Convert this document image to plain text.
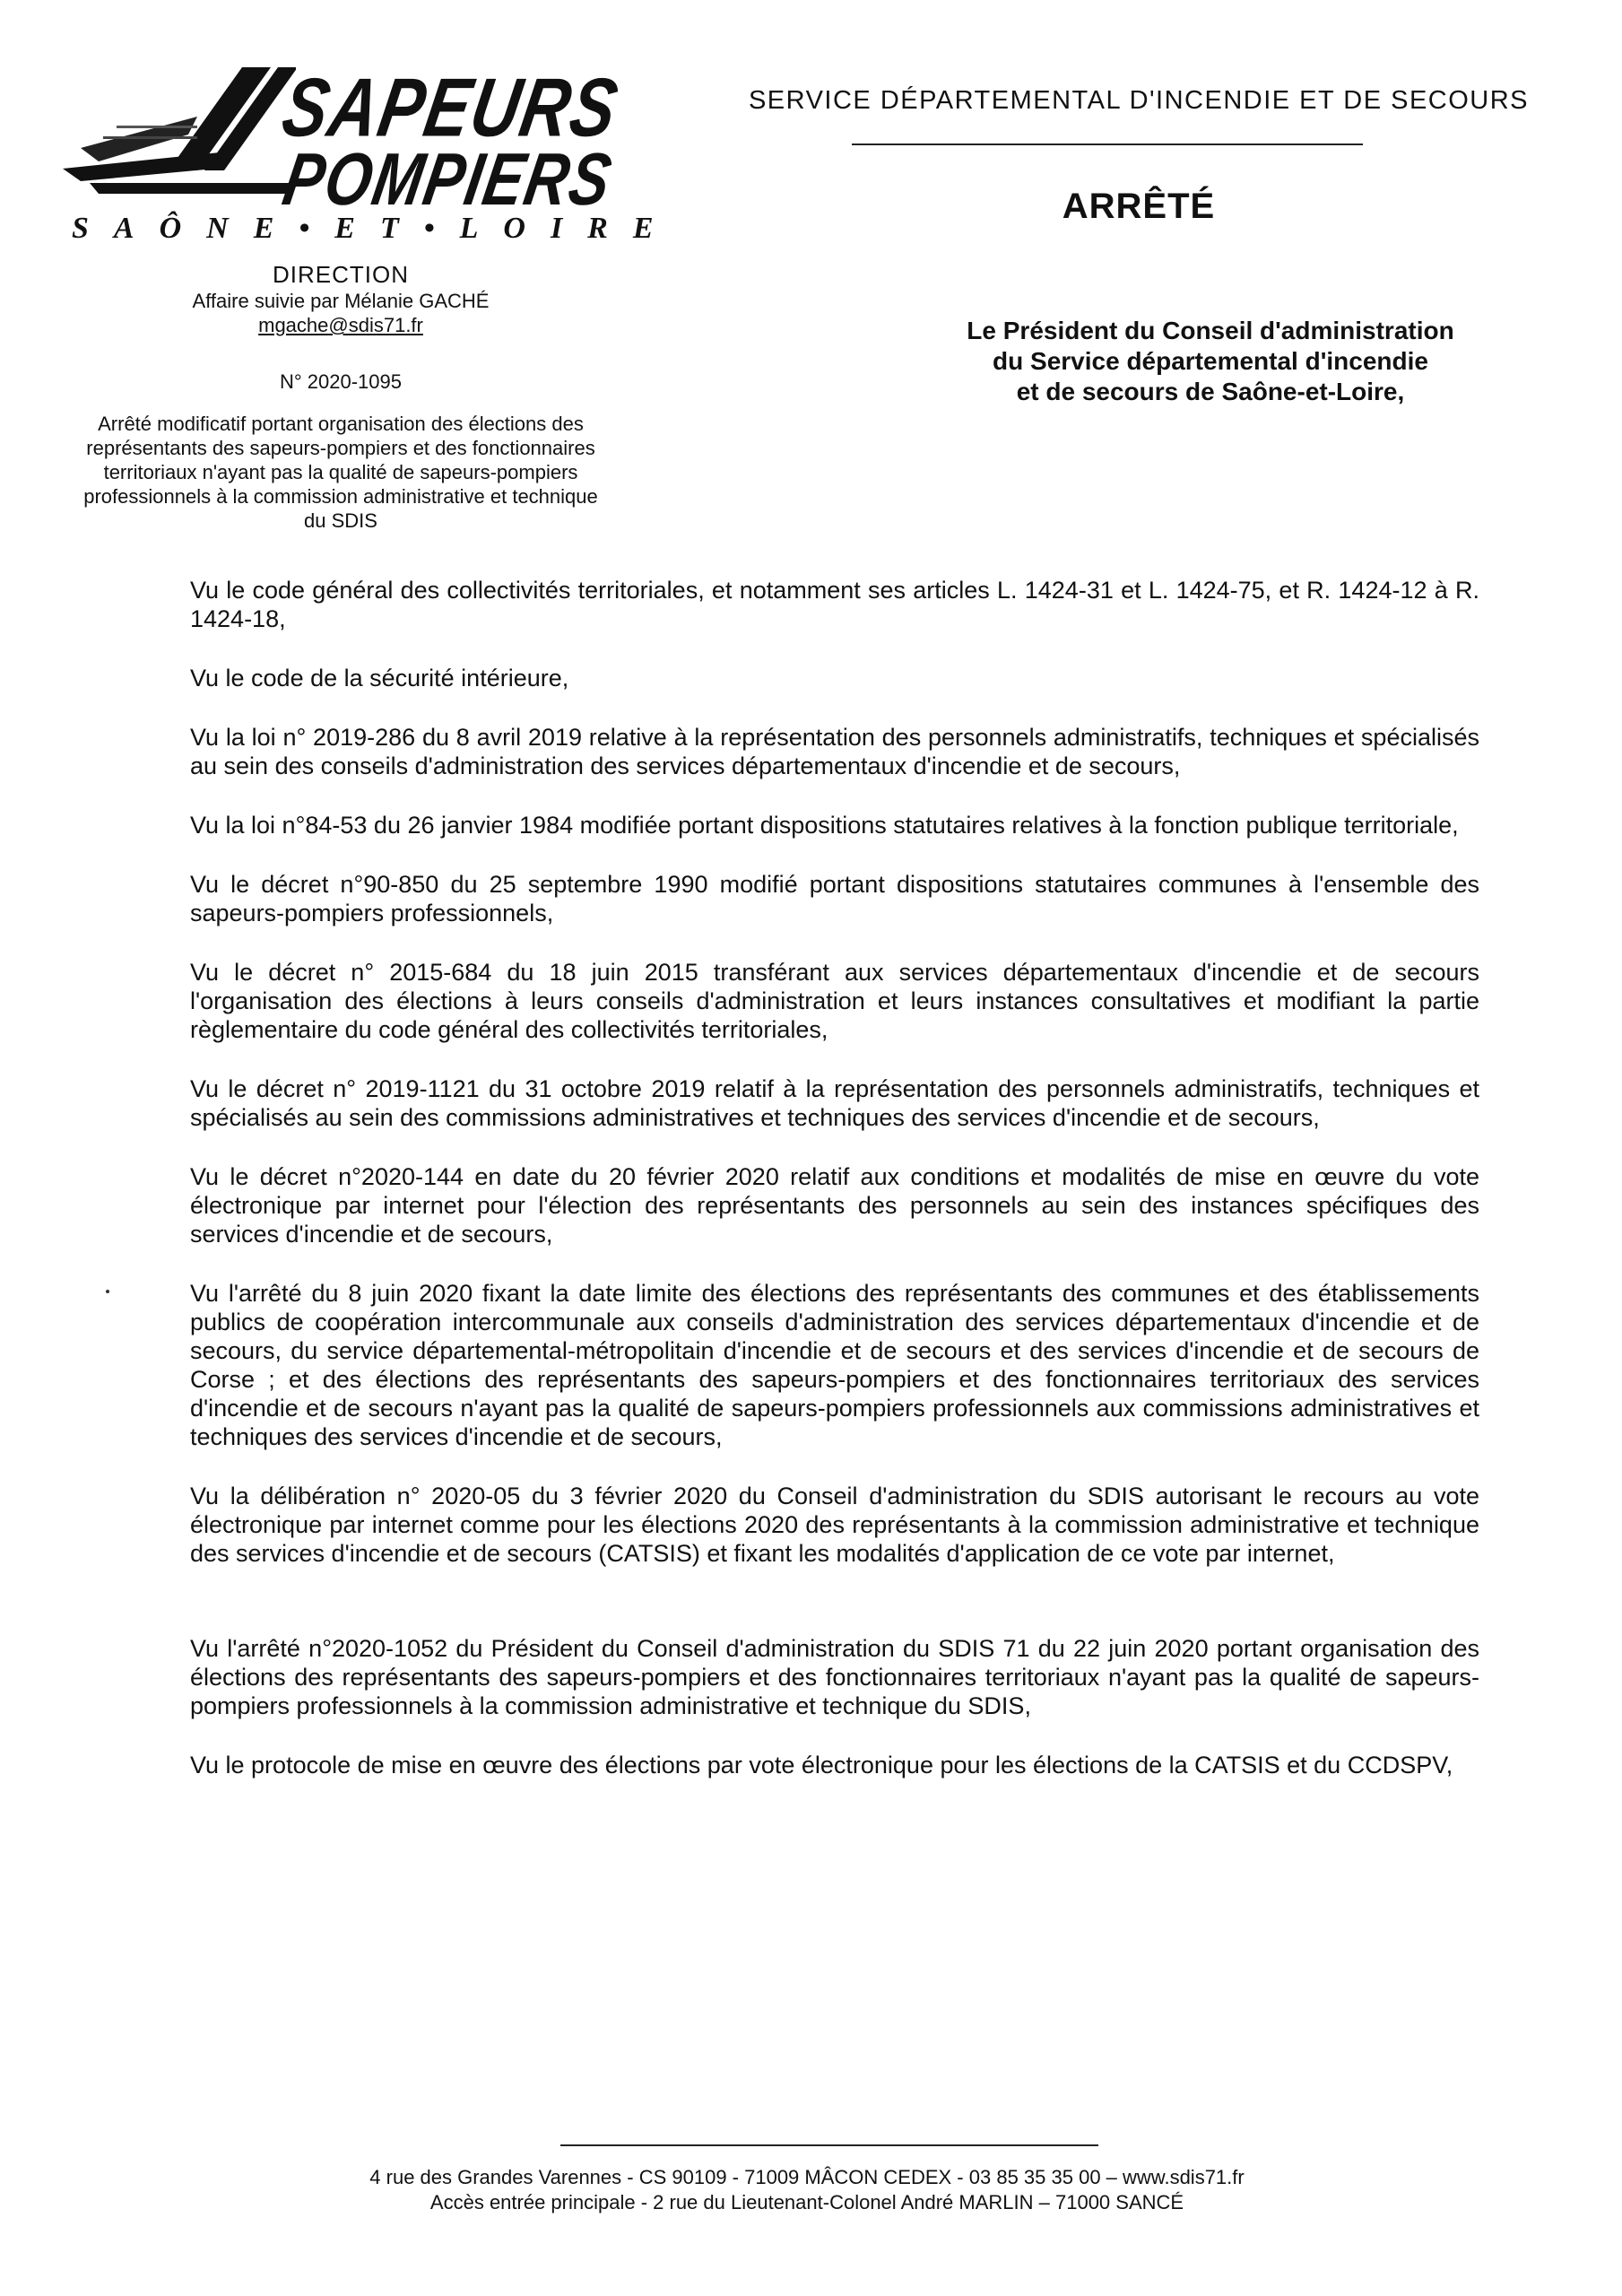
SAPEURS
POMPIERS
SAÔNE•ET•LOIRE
DIRECTION
Affaire suivie par Mélanie GACHÉ
mgache@sdis71.fr
N° 2020-1095
Arrêté modificatif portant organisation des élections des représentants des sapeurs-pompiers et des fonctionnaires territoriaux n'ayant pas la qualité de sapeurs-pompiers professionnels à la commission administrative et technique du SDIS
SERVICE DÉPARTEMENTAL D'INCENDIE ET DE SECOURS
ARRÊTÉ
Le Président du Conseil d'administration
du Service départemental d'incendie
et de secours de Saône-et-Loire,

Vu le code général des collectivités territoriales, et notamment ses articles L. 1424-31 et L. 1424-75, et R. 1424-12 à R. 1424-18,

Vu le code de la sécurité intérieure,

Vu la loi n° 2019-286 du 8 avril 2019 relative à la représentation des personnels administratifs, techniques et spécialisés au sein des conseils d'administration des services départementaux d'incendie et de secours,

Vu la loi n°84-53 du 26 janvier 1984 modifiée portant dispositions statutaires relatives à la fonction publique territoriale,

Vu le décret n°90-850 du 25 septembre 1990 modifié portant dispositions statutaires communes à l'ensemble des sapeurs-pompiers professionnels,

Vu le décret n° 2015-684 du 18 juin 2015 transférant aux services départementaux d'incendie et de secours l'organisation des élections à leurs conseils d'administration et leurs instances consultatives et modifiant la partie règlementaire du code général des collectivités territoriales,

Vu le décret n° 2019-1121 du 31 octobre 2019 relatif à la représentation des personnels administratifs, techniques et spécialisés au sein des commissions administratives et techniques des services d'incendie et de secours,

Vu le décret n°2020-144 en date du 20 février 2020 relatif aux conditions et modalités de mise en œuvre du vote électronique par internet pour l'élection des représentants des personnels au sein des instances spécifiques des services d'incendie et de secours,

Vu l'arrêté du 8 juin 2020 fixant la date limite des élections des représentants des communes et des établissements publics de coopération intercommunale aux conseils d'administration des services départementaux d'incendie et de secours, du service départemental-métropolitain d'incendie et de secours et des services d'incendie et de secours de Corse ; et des élections des représentants des sapeurs-pompiers et des fonctionnaires territoriaux des services d'incendie et de secours n'ayant pas la qualité de sapeurs-pompiers professionnels aux commissions administratives et techniques des services d'incendie et de secours,

Vu la délibération n° 2020-05 du 3 février 2020 du Conseil d'administration du SDIS autorisant le recours au vote électronique par internet comme pour les élections 2020 des représentants à la commission administrative et technique des services d'incendie et de secours (CATSIS) et fixant les modalités d'application de ce vote par internet,

Vu l'arrêté n°2020-1052 du Président du Conseil d'administration du SDIS 71 du 22 juin 2020 portant organisation des élections des représentants des sapeurs-pompiers et des fonctionnaires territoriaux n'ayant pas la qualité de sapeurs-pompiers professionnels à la commission administrative et technique du SDIS,

Vu le protocole de mise en œuvre des élections par vote électronique pour les élections de la CATSIS et du CCDSPV,

4 rue des Grandes Varennes - CS 90109 - 71009 MÂCON CEDEX - 03 85 35 35 00 – www.sdis71.fr
Accès entrée principale - 2 rue du Lieutenant-Colonel André MARLIN – 71000 SANCÉ
